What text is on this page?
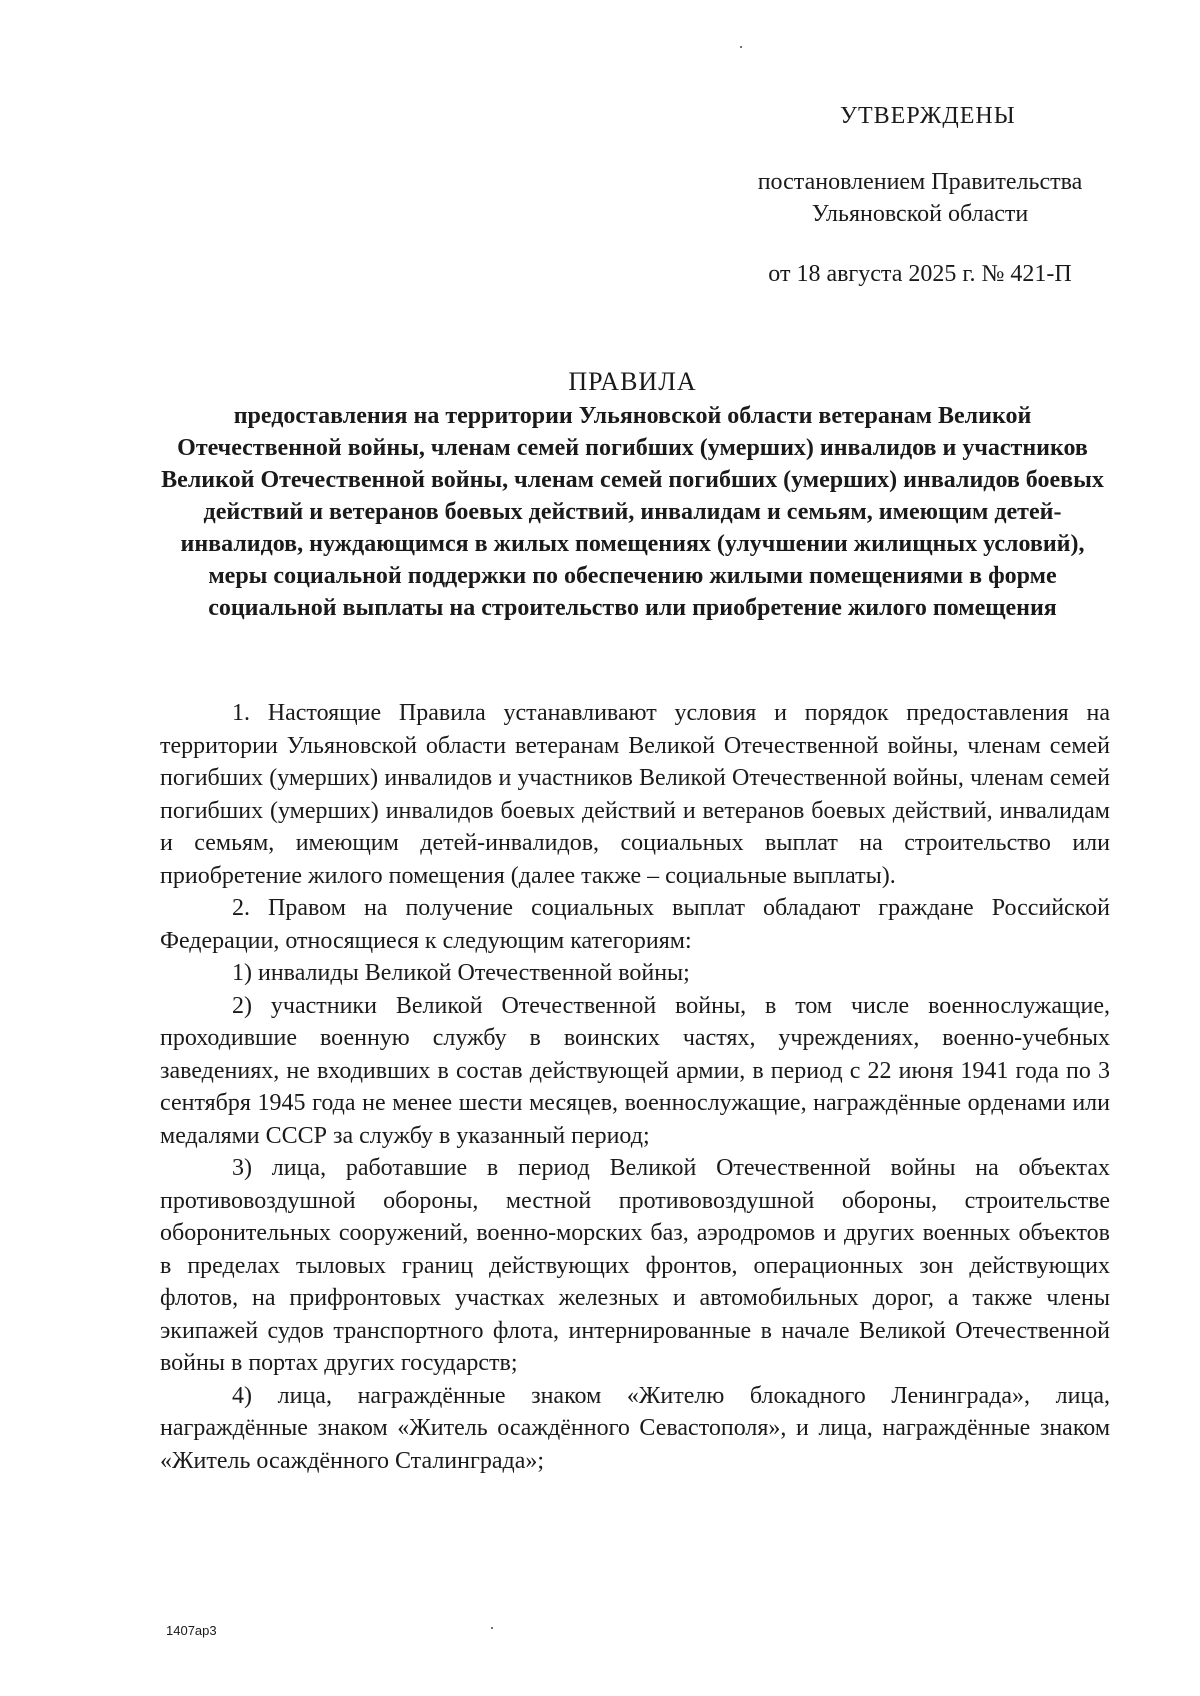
УТВЕРЖДЕНЫ
постановлением Правительства
Ульяновской области
от 18 августа 2025 г. № 421-П
ПРАВИЛА
предоставления на территории Ульяновской области ветеранам Великой Отечественной войны, членам семей погибших (умерших) инвалидов и участников Великой Отечественной войны, членам семей погибших (умерших) инвалидов боевых действий и ветеранов боевых действий, инвалидам и семьям, имеющим детей-инвалидов, нуждающимся в жилых помещениях (улучшении жилищных условий), меры социальной поддержки по обеспечению жилыми помещениями в форме социальной выплаты на строительство или приобретение жилого помещения

1. Настоящие Правила устанавливают условия и порядок предоставления на территории Ульяновской области ветеранам Великой Отечественной войны, членам семей погибших (умерших) инвалидов и участников Великой Отечественной войны, членам семей погибших (умерших) инвалидов боевых действий и ветеранов боевых действий, инвалидам и семьям, имеющим детей-инвалидов, социальных выплат на строительство или приобретение жилого помещения (далее также – социальные выплаты).

2. Правом на получение социальных выплат обладают граждане Российской Федерации, относящиеся к следующим категориям:

1) инвалиды Великой Отечественной войны;

2) участники Великой Отечественной войны, в том числе военнослужащие, проходившие военную службу в воинских частях, учреждениях, военно-учебных заведениях, не входивших в состав действующей армии, в период с 22 июня 1941 года по 3 сентября 1945 года не менее шести месяцев, военнослужащие, награждённые орденами или медалями СССР за службу в указанный период;

3) лица, работавшие в период Великой Отечественной войны на объектах противовоздушной обороны, местной противовоздушной обороны, строительстве оборонительных сооружений, военно-морских баз, аэродромов и других военных объектов в пределах тыловых границ действующих фронтов, операционных зон действующих флотов, на прифронтовых участках железных и автомобильных дорог, а также члены экипажей судов транспортного флота, интернированные в начале Великой Отечественной войны в портах других государств;

4) лица, награждённые знаком «Жителю блокадного Ленинграда», лица, награждённые знаком «Житель осаждённого Севастополя», и лица, награждённые знаком «Житель осаждённого Сталинграда»;

1407ар3
